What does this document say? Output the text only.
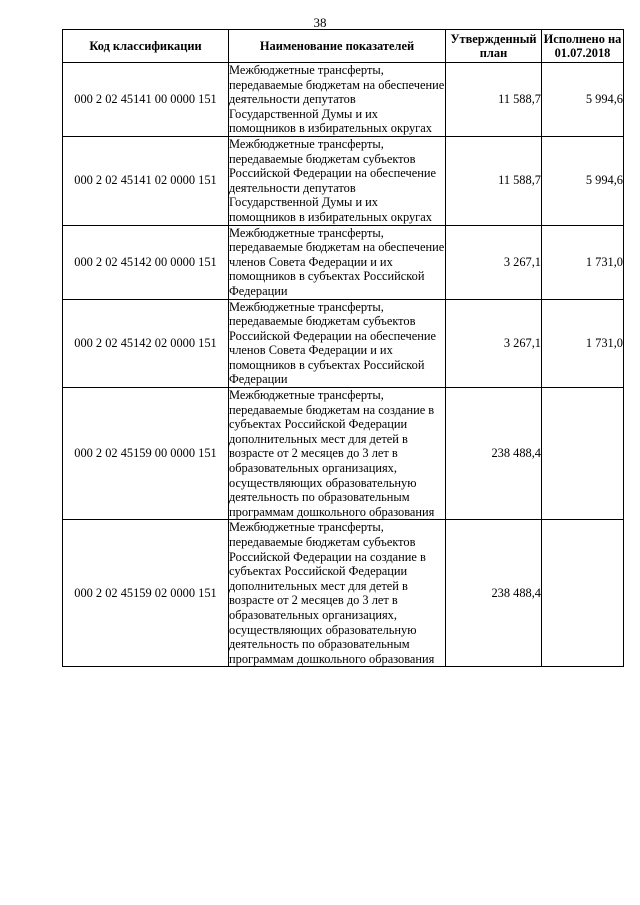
38
Код классификации	Наименование показателей	Утвержденный план	Исполнено на 01.07.2018
000 2 02 45141 00 0000 151	Межбюджетные трансферты, передаваемые бюджетам на обеспечение деятельности депутатов Государственной Думы и их помощников в избирательных округах	11 588,7	5 994,6
000 2 02 45141 02 0000 151	Межбюджетные трансферты, передаваемые бюджетам субъектов Российской Федерации на обеспечение деятельности депутатов Государственной Думы и их помощников в избирательных округах	11 588,7	5 994,6
000 2 02 45142 00 0000 151	Межбюджетные трансферты, передаваемые бюджетам на обеспечение членов Совета Федерации и их помощников в субъектах Российской Федерации	3 267,1	1 731,0
000 2 02 45142 02 0000 151	Межбюджетные трансферты, передаваемые бюджетам субъектов Российской Федерации на обеспечение членов Совета Федерации и их помощников в субъектах Российской Федерации	3 267,1	1 731,0
000 2 02 45159 00 0000 151	Межбюджетные трансферты, передаваемые бюджетам на создание в субъектах Российской Федерации дополнительных мест для детей в возрасте от 2 месяцев до 3 лет в образовательных организациях, осуществляющих образовательную деятельность по образовательным программам дошкольного образования	238 488,4	
000 2 02 45159 02 0000 151	Межбюджетные трансферты, передаваемые бюджетам субъектов Российской Федерации на создание в субъектах Российской Федерации дополнительных мест для детей в возрасте от 2 месяцев до 3 лет в образовательных организациях, осуществляющих образовательную деятельность по образовательным программам дошкольного образования	238 488,4	
